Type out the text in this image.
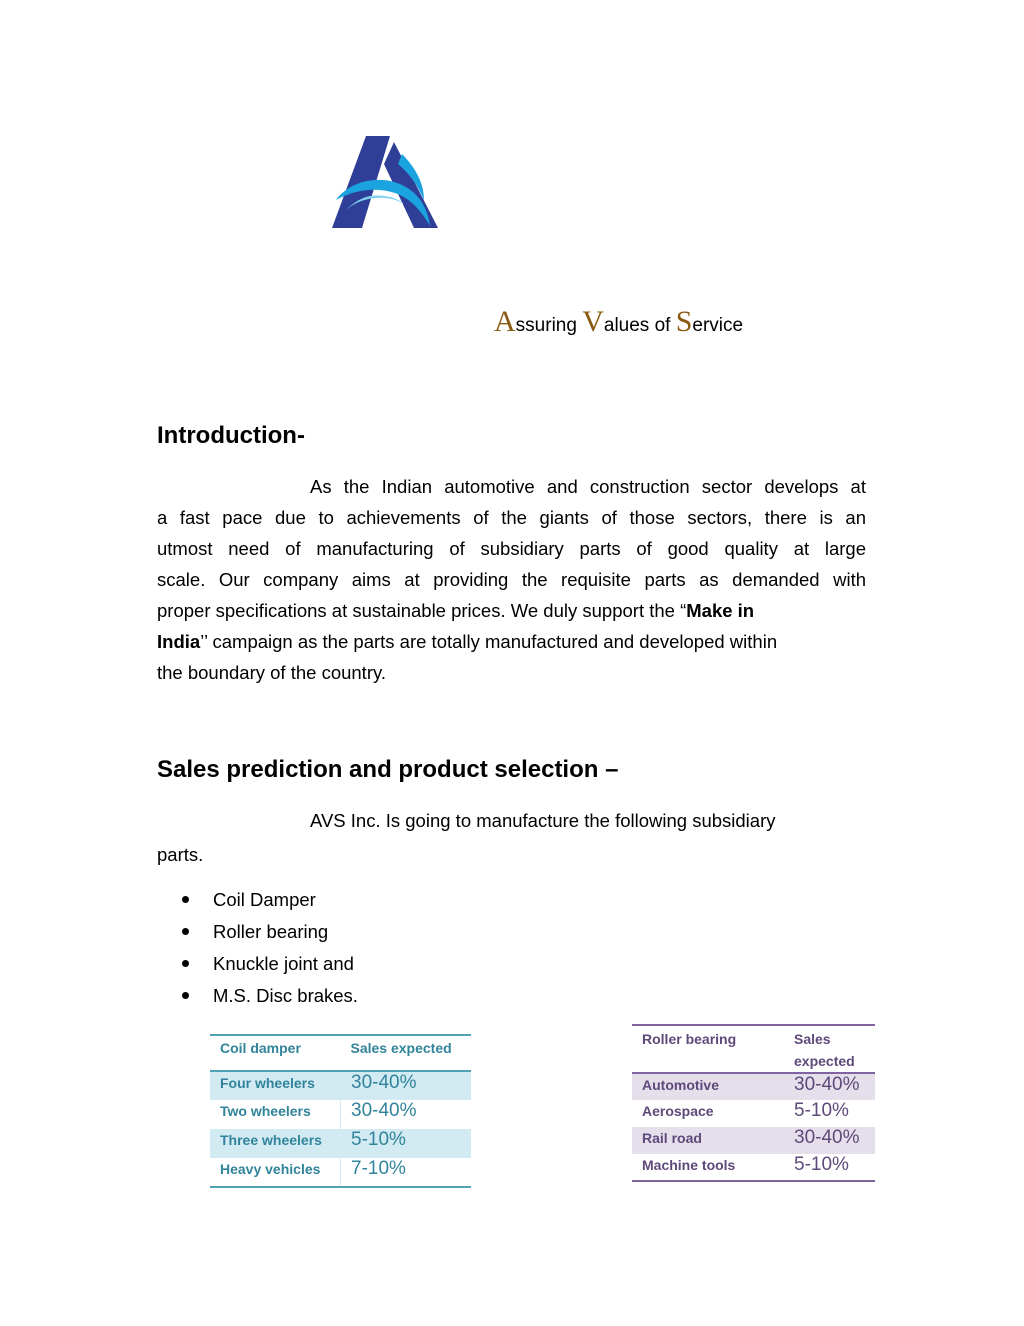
Assuring Values of Service
Introduction-
As the Indian automotive and construction sector develops at
a fast pace due to achievements of the giants of those sectors, there is an
utmost need of manufacturing of subsidiary parts of good quality at large
scale. Our company aims at providing the requisite parts as demanded with
proper specifications at sustainable prices. We duly support the “Make in
India’’ campaign as the parts are totally manufactured and developed within
the boundary of the country.
Sales prediction and product selection –
AVS Inc. Is going to manufacture the following subsidiary
parts.
Coil Damper
Roller bearing
Knuckle joint and
M.S. Disc brakes.
Coil damper	Sales expected
Four wheelers	30-40%
Two wheelers	30-40%
Three wheelers	5-10%
Heavy vehicles	7-10%
Roller bearing	Sales
expected
Automotive	30-40%
Aerospace	5-10%
Rail road	30-40%
Machine tools	5-10%
